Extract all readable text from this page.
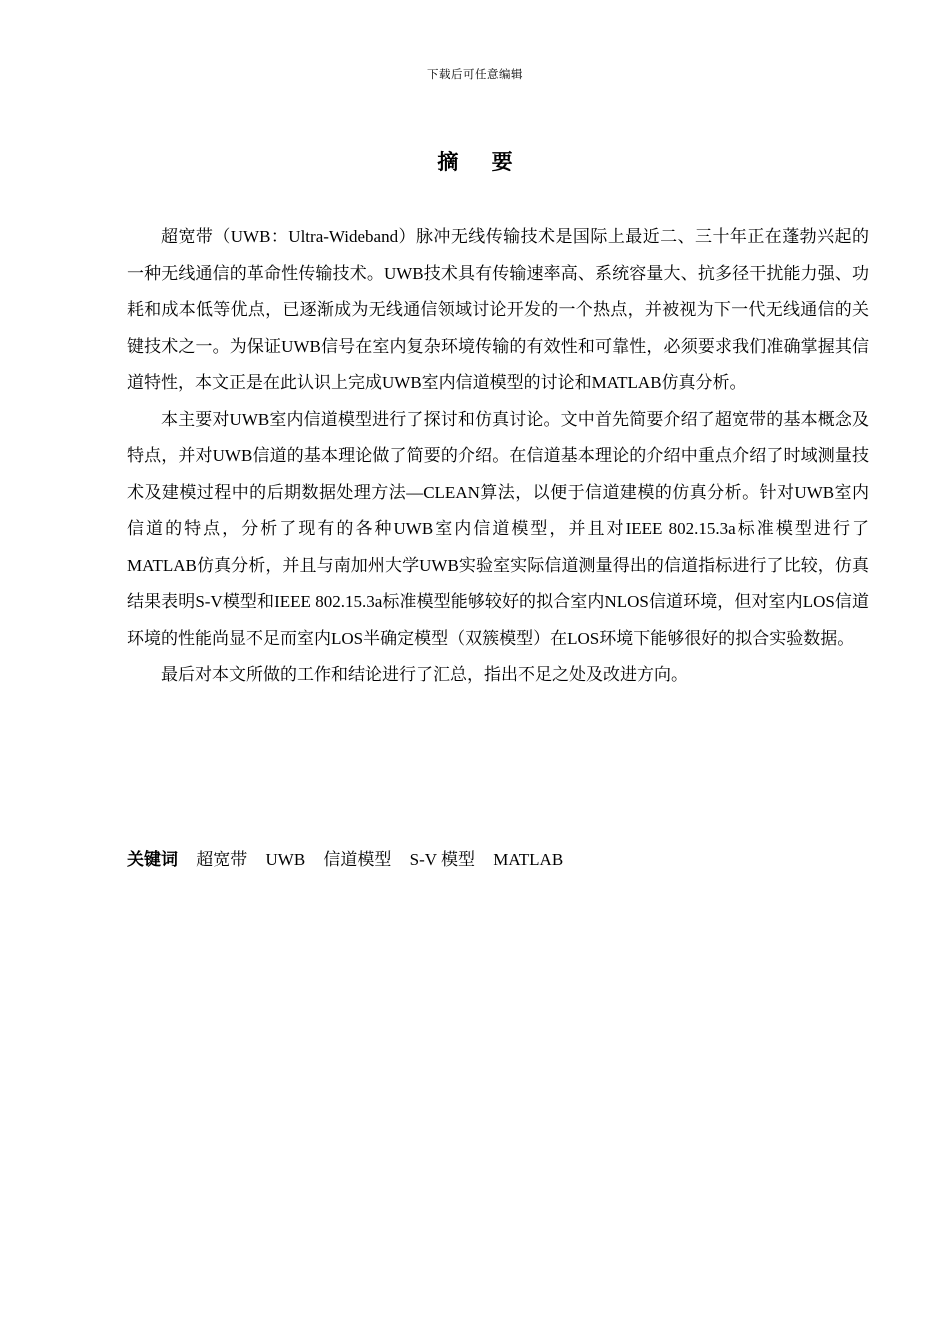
下载后可任意编辑
摘 要

超宽带（UWB：Ultra-Wideband）脉冲无线传输技术是国际上最近二、三十年正在蓬勃兴起的一种无线通信的革命性传输技术。UWB技术具有传输速率高、系统容量大、抗多径干扰能力强、功耗和成本低等优点，已逐渐成为无线通信领域讨论开发的一个热点，并被视为下一代无线通信的关键技术之一。为保证UWB信号在室内复杂环境传输的有效性和可靠性，必须要求我们准确掌握其信道特性，本文正是在此认识上完成UWB室内信道模型的讨论和MATLAB仿真分析。

本主要对UWB室内信道模型进行了探讨和仿真讨论。文中首先简要介绍了超宽带的基本概念及特点，并对UWB信道的基本理论做了简要的介绍。在信道基本理论的介绍中重点介绍了时域测量技术及建模过程中的后期数据处理方法—CLEAN算法，以便于信道建模的仿真分析。针对UWB室内信道的特点，分析了现有的各种UWB室内信道模型，并且对IEEE 802.15.3a标准模型进行了MATLAB仿真分析，并且与南加州大学UWB实验室实际信道测量得出的信道指标进行了比较，仿真结果表明S-V模型和IEEE 802.15.3a标准模型能够较好的拟合室内NLOS信道环境，但对室内LOS信道环境的性能尚显不足而室内LOS半确定模型（双簇模型）在LOS环境下能够很好的拟合实验数据。

最后对本文所做的工作和结论进行了汇总，指出不足之处及改进方向。

关键词 超宽带 UWB 信道模型 S-V 模型 MATLAB
